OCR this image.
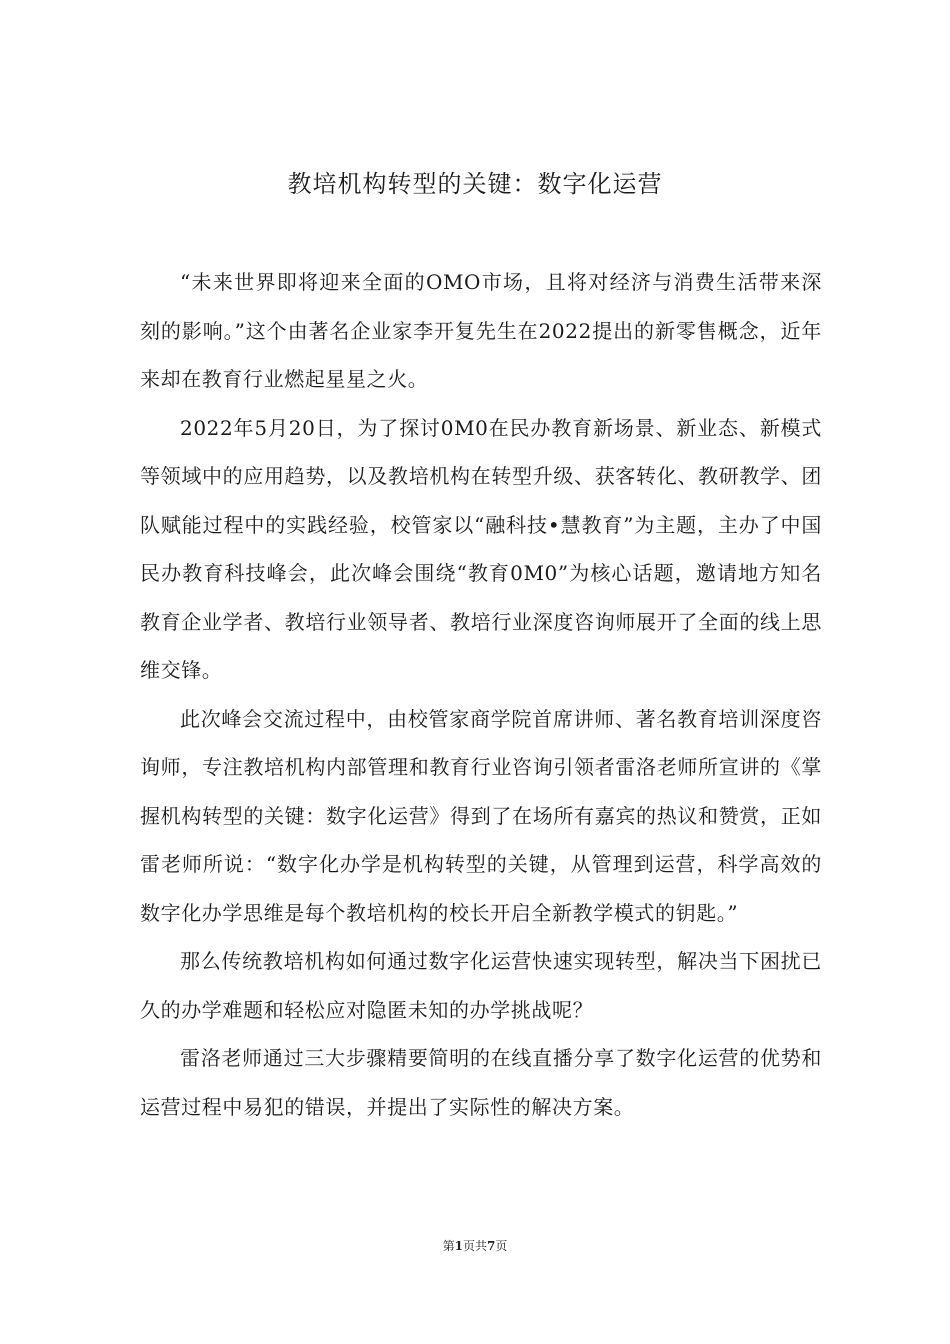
教培机构转型的关键：数字化运营

“未来世界即将迎来全面的OMO市场，且将对经济与消费生活带来深刻的影响。”这个由著名企业家李开复先生在2022提出的新零售概念，近年来却在教育行业燃起星星之火。

2022年5月20日，为了探讨0M0在民办教育新场景、新业态、新模式等领域中的应用趋势，以及教培机构在转型升级、获客转化、教研教学、团队赋能过程中的实践经验，校管家以“融科技•慧教育”为主题，主办了中国民办教育科技峰会，此次峰会围绕“教育0M0”为核心话题，邀请地方知名教育企业学者、教培行业领导者、教培行业深度咨询师展开了全面的线上思维交锋。

此次峰会交流过程中，由校管家商学院首席讲师、著名教育培训深度咨询师，专注教培机构内部管理和教育行业咨询引领者雷洛老师所宣讲的《掌握机构转型的关键：数字化运营》得到了在场所有嘉宾的热议和赞赏，正如雷老师所说：“数字化办学是机构转型的关键，从管理到运营，科学高效的数字化办学思维是每个教培机构的校长开启全新教学模式的钥匙。”

那么传统教培机构如何通过数字化运营快速实现转型，解决当下困扰已久的办学难题和轻松应对隐匿未知的办学挑战呢？

雷洛老师通过三大步骤精要简明的在线直播分享了数字化运营的优势和运营过程中易犯的错误，并提出了实际性的解决方案。

第1页共7页
